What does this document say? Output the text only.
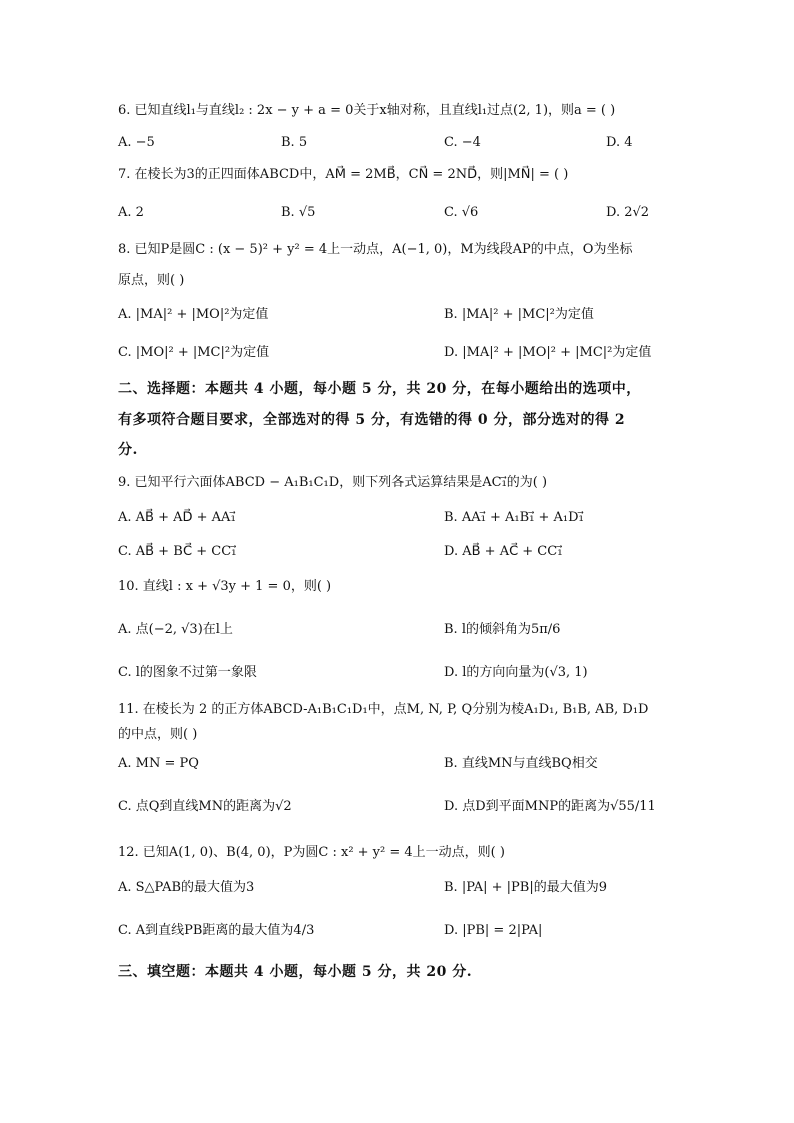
6. 已知直线l₁与直线l₂ : 2x − y + a = 0关于x轴对称，且直线l₁过点(2, 1)，则a = ( )
A. −5	B. 5	C. −4	D. 4
7. 在棱长为3的正四面体ABCD中，AM⃗ = 2MB⃗，CN⃗ = 2ND⃗，则|MN⃗| = ( )
A. 2	B. √5	C. √6	D. 2√2
8. 已知P是圆C : (x − 5)² + y² = 4上一动点，A(−1, 0)，M为线段AP的中点，O为坐标
原点，则( )
A. |MA|² + |MO|²为定值	B. |MA|² + |MC|²为定值
C. |MO|² + |MC|²为定值	D. |MA|² + |MO|² + |MC|²为定值
二、选择题：本题共 4 小题，每小题 5 分，共 20 分，在每小题给出的选项中，
有多项符合题目要求，全部选对的得 5 分，有选错的得 0 分，部分选对的得 2
分.
9. 已知平行六面体ABCD − A₁B₁C₁D，则下列各式运算结果是AC₁⃗的为( )
A. AB⃗ + AD⃗ + AA₁⃗	B. AA₁⃗ + A₁B₁⃗ + A₁D₁⃗
C. AB⃗ + BC⃗ + CC₁⃗	D. AB⃗ + AC⃗ + CC₁⃗
10. 直线l : x + √3y + 1 = 0，则( )
A. 点(−2, √3)在l上	B. l的倾斜角为5π/6
C. l的图象不过第一象限	D. l的方向向量为(√3, 1)
11. 在棱长为 2 的正方体ABCD-A₁B₁C₁D₁中，点M, N, P, Q分别为棱A₁D₁, B₁B, AB, D₁D
的中点，则( )
A. MN = PQ	B. 直线MN与直线BQ相交
C. 点Q到直线MN的距离为√2	D. 点D到平面MNP的距离为√55/11
12. 已知A(1, 0)、B(4, 0)，P为圆C : x² + y² = 4上一动点，则( )
A. S△PAB的最大值为3	B. |PA| + |PB|的最大值为9
C. A到直线PB距离的最大值为4/3	D. |PB| = 2|PA|
三、填空题：本题共 4 小题，每小题 5 分，共 20 分.
